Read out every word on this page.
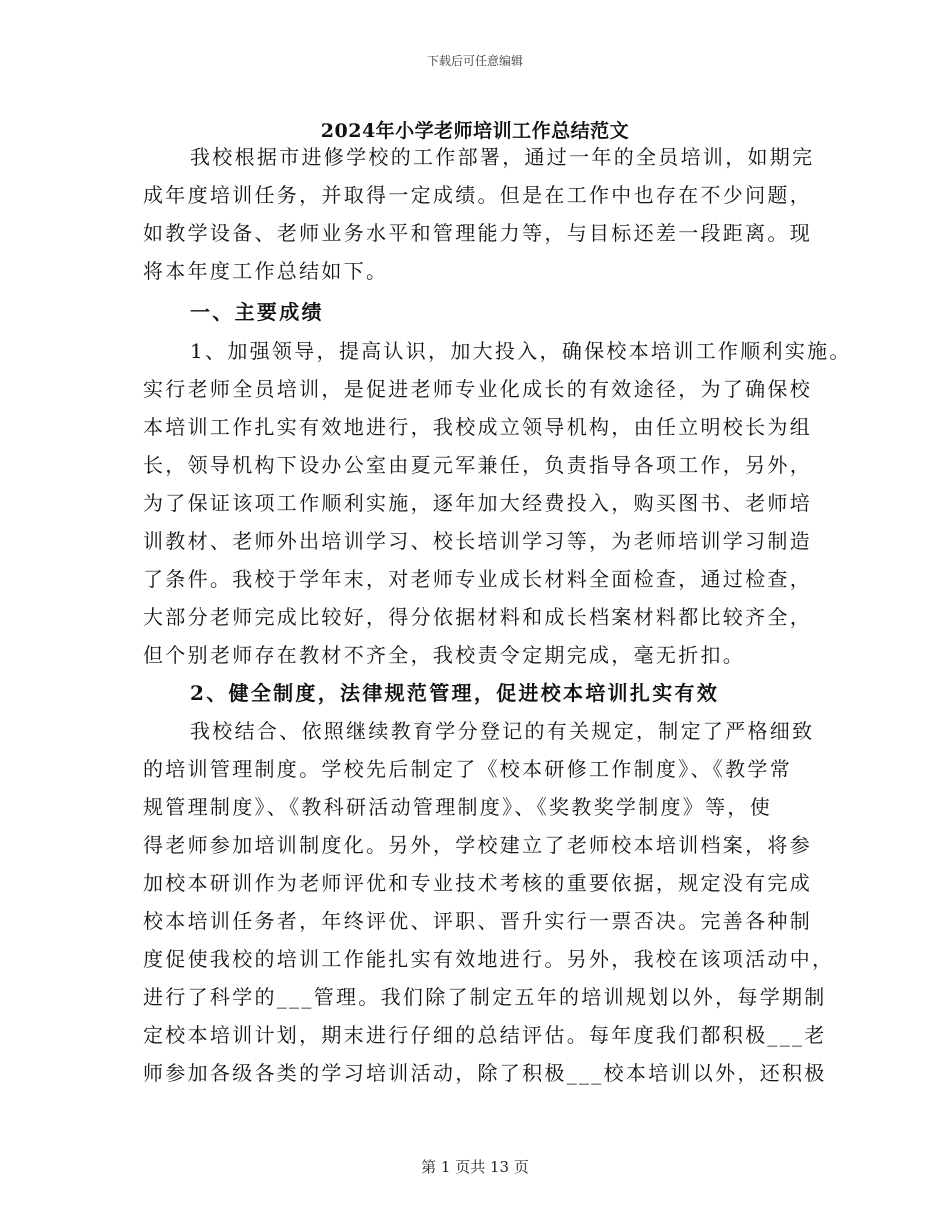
下载后可任意编辑
2024年小学老师培训工作总结范文
我校根据市进修学校的工作部署，通过一年的全员培训，如期完
成年度培训任务，并取得一定成绩。但是在工作中也存在不少问题，
如教学设备、老师业务水平和管理能力等，与目标还差一段距离。现
将本年度工作总结如下。
一、主要成绩
1、加强领导，提高认识，加大投入，确保校本培训工作顺利实施。
实行老师全员培训，是促进老师专业化成长的有效途径，为了确保校
本培训工作扎实有效地进行，我校成立领导机构，由任立明校长为组
长，领导机构下设办公室由夏元军兼任，负责指导各项工作，另外，
为了保证该项工作顺利实施，逐年加大经费投入，购买图书、老师培
训教材、老师外出培训学习、校长培训学习等，为老师培训学习制造
了条件。我校于学年末，对老师专业成长材料全面检查，通过检查，
大部分老师完成比较好，得分依据材料和成长档案材料都比较齐全，
但个别老师存在教材不齐全，我校责令定期完成，毫无折扣。
2、健全制度，法律规范管理，促进校本培训扎实有效
我校结合、依照继续教育学分登记的有关规定，制定了严格细致
的培训管理制度。学校先后制定了《校本研修工作制度》、《教学常
规管理制度》、《教科研活动管理制度》、《奖教奖学制度》等，使
得老师参加培训制度化。另外，学校建立了老师校本培训档案，将参
加校本研训作为老师评优和专业技术考核的重要依据，规定没有完成
校本培训任务者，年终评优、评职、晋升实行一票否决。完善各种制
度促使我校的培训工作能扎实有效地进行。另外，我校在该项活动中，
进行了科学的___管理。我们除了制定五年的培训规划以外，每学期制
定校本培训计划，期末进行仔细的总结评估。每年度我们都积极___老
师参加各级各类的学习培训活动，除了积极___校本培训以外，还积极
第 1 页共 13 页
